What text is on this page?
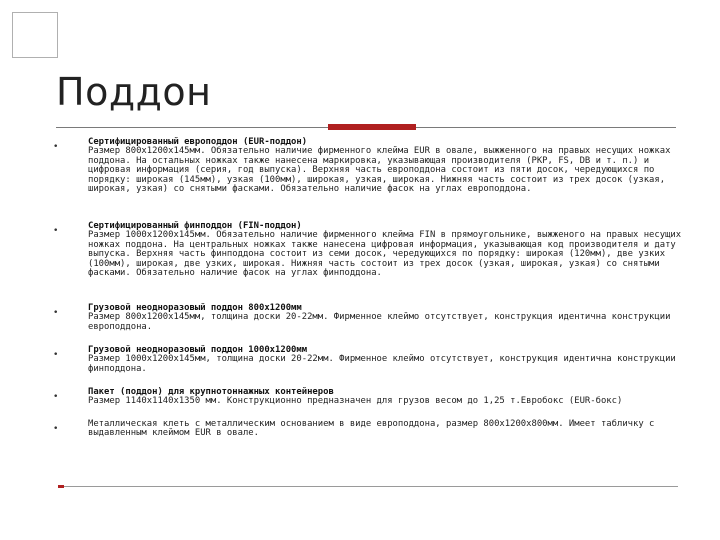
Поддон
•	Сертифицированный европоддон (EUR-поддон)
Размер 800x1200x145мм. Обязательно наличие фирменного клейма EUR в овале, выжженного на правых несущих ножках поддона. На остальных ножках также нанесена маркировка, указывающая производителя (PKP, FS, DB и т. п.) и цифровая информация (серия, год выпуска). Верхняя часть европоддона состоит из пяти досок, чередующихся по порядку: широкая (145мм), узкая (100мм), широкая, узкая, широкая. Нижняя часть состоит из трех досок (узкая, широкая, узкая) со снятыми фасками. Обязательно наличие фасок на углах европоддона.
•	Сертифицированный финподдон (FIN-поддон)
Размер 1000x1200x145мм. Обязательно наличие фирменного клейма FIN в прямоугольнике, выжженого на правых несущих ножках поддона. На центральных ножках также нанесена цифровая информация, указывающая код производителя и дату выпуска. Верхняя часть финподдона состоит из семи досок, чередующихся по порядку: широкая (120мм), две узких (100мм), широкая, две узких, широкая. Нижняя часть состоит из трех досок (узкая, широкая, узкая) со снятыми фасками. Обязательно наличие фасок на углах финподдона.
•	Грузовой неодноразовый поддон 800x1200мм
Размер 800x1200x145мм, толщина доски 20-22мм. Фирменное клеймо отсутствует, конструкция идентична конструкции европоддона.
•	Грузовой неодноразовый поддон 1000x1200мм
Размер 1000x1200x145мм, толщина доски 20-22мм. Фирменное клеймо отсутствует, конструкция идентична конструкции финподдона.
•	Пакет (поддон) для крупнотоннажных контейнеров
Размер 1140x1140x1350 мм. Конструкционно предназначен для грузов весом до 1,25 т.Евробокс (EUR-бокс)
•	Металлическая клеть с металлическим основанием в виде европоддона, размер 800x1200x800мм. Имеет табличку с выдавленным клеймом EUR в овале.
